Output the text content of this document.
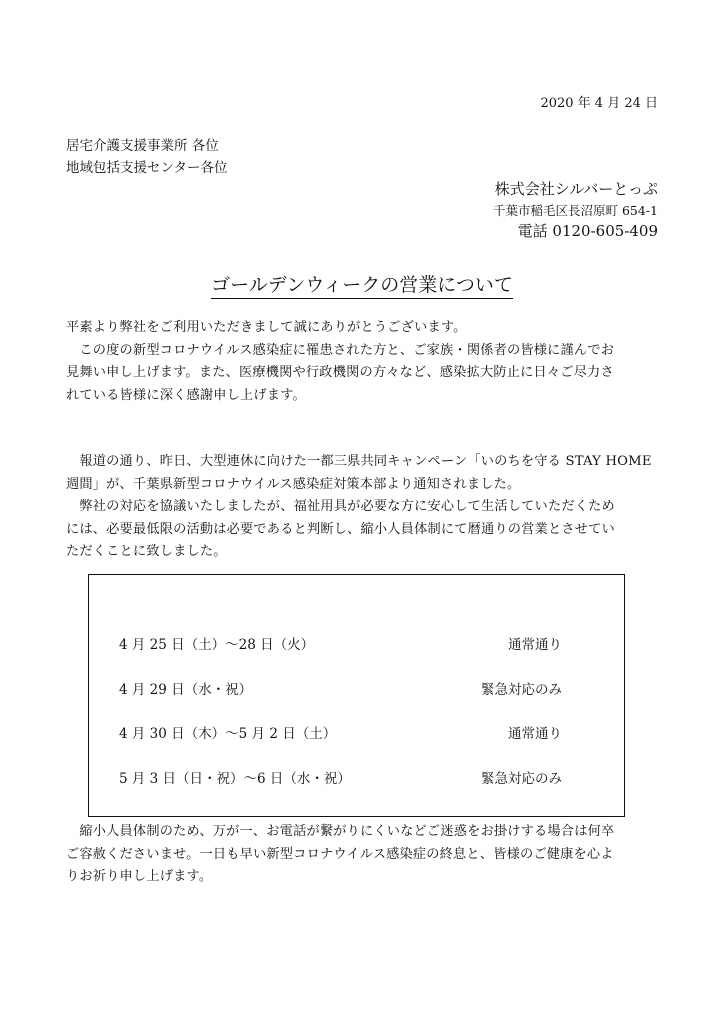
2020 年 4 月 24 日
居宅介護支援事業所 各位
地域包括支援センター各位
株式会社シルバーとっぷ
千葉市稲毛区長沼原町 654-1
電話 0120-605-409
ゴールデンウィークの営業について
平素より弊社をご利用いただきまして誠にありがとうございます。
　この度の新型コロナウイルス感染症に罹患された方と、ご家族・関係者の皆様に謹んでお
見舞い申し上げます。また、医療機関や行政機関の方々など、感染拡大防止に日々ご尽力さ
れている皆様に深く感謝申し上げます。
　報道の通り、昨日、大型連休に向けた一都三県共同キャンペーン「いのちを守る STAY HOME
週間」が、千葉県新型コロナウイルス感染症対策本部より通知されました。
　弊社の対応を協議いたしましたが、福祉用具が必要な方に安心して生活していただくため
には、必要最低限の活動は必要であると判断し、縮小人員体制にて暦通りの営業とさせてい
ただくことに致しました。
4 月 25 日（土）～28 日（火）	通常通り
4 月 29 日（水・祝）	緊急対応のみ
4 月 30 日（木）～5 月 2 日（土）	通常通り
5 月 3 日（日・祝）～6 日（水・祝）	緊急対応のみ
　縮小人員体制のため、万が一、お電話が繋がりにくいなどご迷惑をお掛けする場合は何卒
ご容赦くださいませ。一日も早い新型コロナウイルス感染症の終息と、皆様のご健康を心よ
りお祈り申し上げます。
